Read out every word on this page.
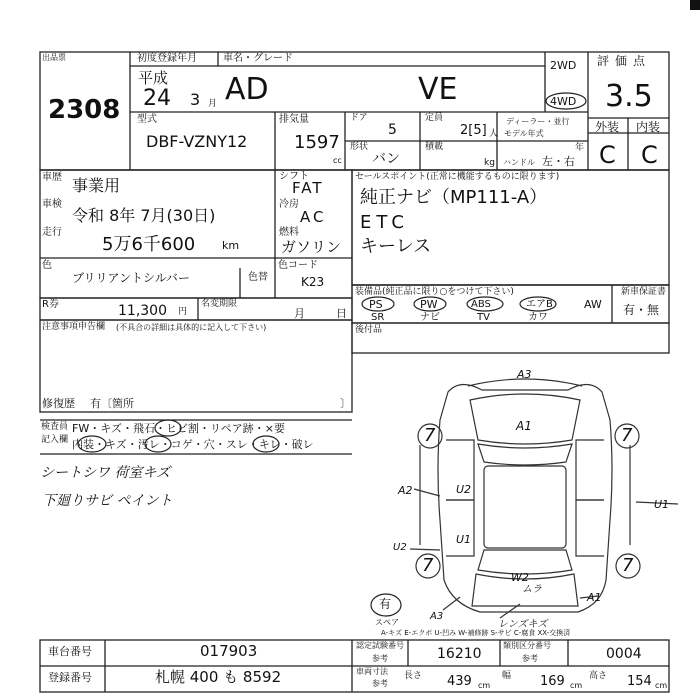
出品票
2308
初度登録年月
平成
24 3 月
車名・グレード
AD	VE
2WD
4WD
評価点
3.5
外装 内装
C C
型式
DBF-VZNY12
排気量
1597
cc
ドア
5
定員
2[5] 人
ディーラー・並行
モデル年式
年
形状
バン
積載
kg ハンドル 左・右
車歴 事業用
車検
令和 8年 7月(30日)
走行
5万6千600 km
色
ブリリアントシルバー	色替
シフト
FAT
冷房
AC
燃料
ガソリン
色コード
K23
セールスポイント(正常に機能するものに限ります)
純正ナビ（MP111-A）
ETC
キーレス
R券	11,300 円
名変期限
月	日
注意事項申告欄 (不具合の詳細は具体的に記入して下さい)
修復歴 有〔箇所	〕
装備品(純正品に限り○をつけて下さい)	新車保証書
PS	PW	ABS	エアB	AW
SR	ナビ	TV	カワ
有・無
後付品
検査員
記入欄
FW・キズ・飛石・ヒビ割・リペア跡・×要
内装・キズ・汚レ・コゲ・穴・スレ・キレ・破レ
シートシワ 荷室キズ
下廻りサビ ペイント
A3
A1
A2	U2
U1
U2
U1
W2
ムラ
A1
A3
レンズキズ
有
スペア
7	7
7	7
A-キズ E-エクボ U-凹み W-補修跡 S-サビ C-腐食 XX-交換済
車台番号	017903
登録番号	札幌 400 も 8592
認定試験番号
参考	16210
類別区分番号
参考	0004
車両寸法
参考
長さ 439 cm
幅 169 cm
高さ 154 cm
